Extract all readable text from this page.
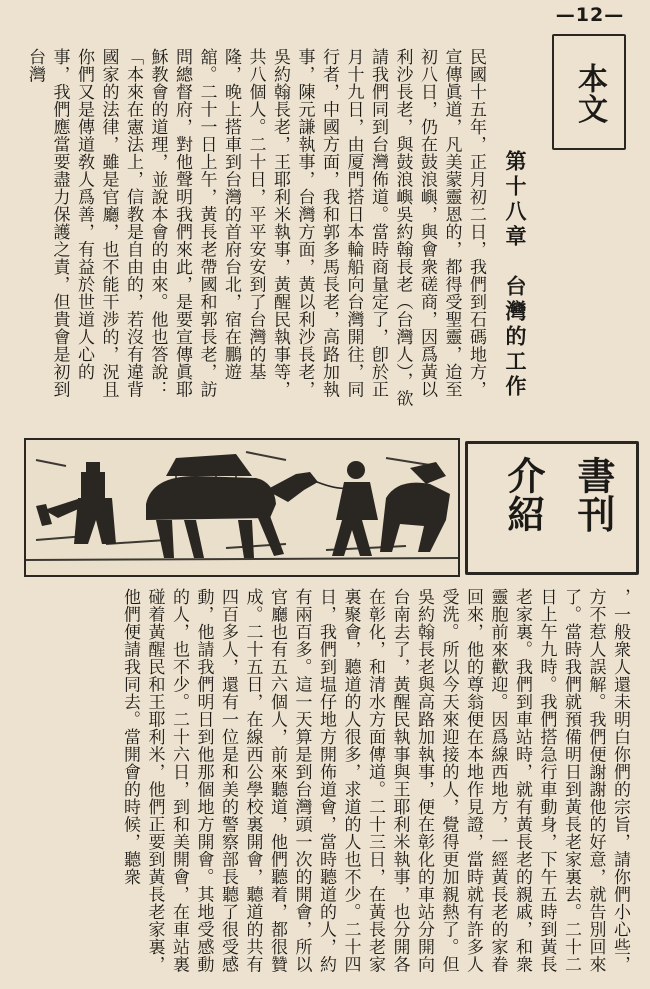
—12—
本文
第十八章　台灣的工作
民國十五年，正月初二日，我們到石碼地方，宣傳眞道，凡美蒙靈恩的，都得受聖靈，迨至初八日，仍在鼓浪嶼，與會衆磋商，因爲黃以利沙長老，與鼓浪嶼吳約翰長老（台灣人），欲請我們同到台灣佈道。當時商量定了，卽於正月十九日，由厦門搭日本輪船向台灣開往，同行者，中國方面，我和郭多馬長老，高路加執事，陳元謙執事，台灣方面，黃以利沙長老，吳約翰長老，王耶利米執事，黃醒民執事等，共八個人。二十日，平平安安到了台灣的基隆，晚上搭車到台灣的首府台北，宿在鵬遊舘。二十一日上午，黃長老帶國和郭長老，訪問總督府，對他聲明我們來此，是要宣傳眞耶穌教會的道理，並說本會的由來。他也答說：「本來在憲法上，信教是自由的，若沒有違背國家的法律，雖是官廳，也不能干涉的，況且你們又是傳道敎人爲善，有益於世道人心的事，我們應當要盡力保護之責，但貴會是初到台灣
書刊
介紹
，一般衆人還未明白你們的宗旨，請你們小心些，方不惹人誤解。我們便謝謝他的好意，就告別回來了。當時我們就預備明日到黃長老家裏去。二十二日上午九時。我們搭急行車動身，下午五時到黃長老家裏。我們到車站時，就有黃長老的親戚，和衆靈胞前來歡迎。因爲線西地方，一經黃長老的家眷回來，他的尊翁便在本地作見證，當時就有許多人受洗。所以今天來迎接的人，覺得更加親熱了。但吳約翰長老與高路加執事，便在彰化的車站分開向台南去了，黃醒民執事與王耶利米執事，也分開各在彰化，和清水方面傳道。二十三日，在黃長老家裏聚會，聽道的人很多，求道的人也不少。二十四日，我們到塭仔地方開佈道會，當時聽道的人，約有兩百多。這一天算是到台灣頭一次的開會，所以官廳也有五六個人，前來聽道，他們聽着，都很贊成。二十五日，在線西公學校裏開會，聽道的共有四百多人，還有一位是和美的警察部長聽了很受感動，他請我們明日到他那個地方開會。其地受感動的人，也不少。二十六日，到和美開會，在車站裏碰着黃醒民和王耶利米，他們正要到黃長老家裏，他們便請我同去。當開會的時候，聽衆
